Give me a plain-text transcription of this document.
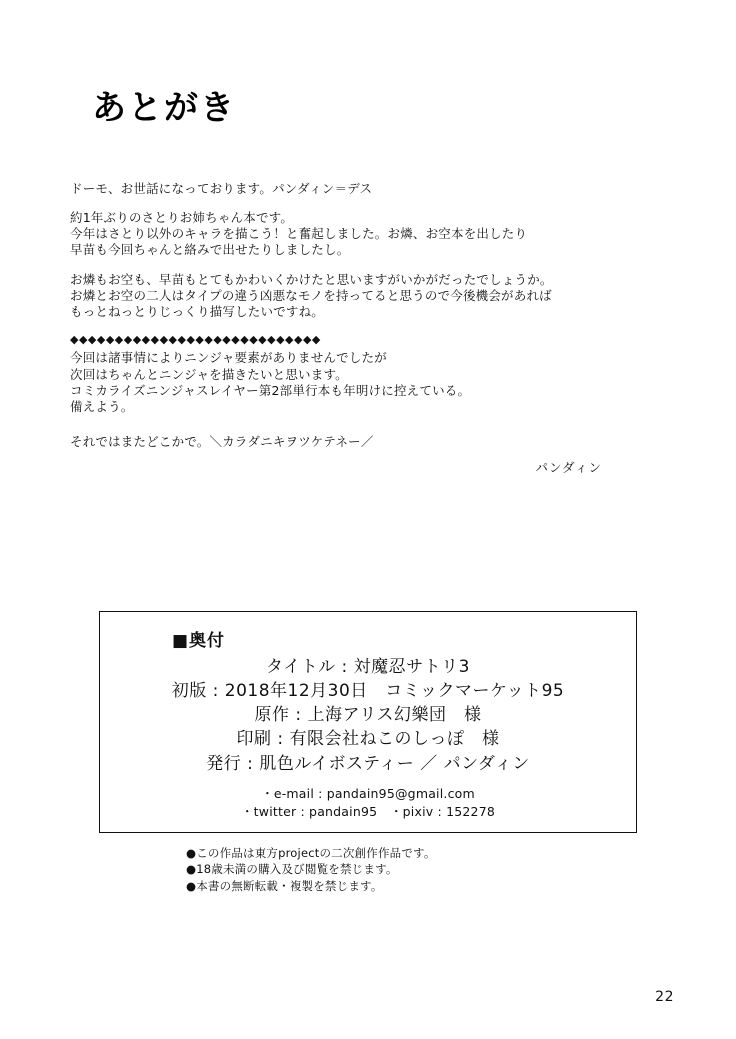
あとがき
ドーモ、お世話になっております。パンダィン＝デス
約1年ぶりのさとりお姉ちゃん本です。
今年はさとり以外のキャラを描こう！と奮起しました。お燐、お空本を出したり
早苗も今回ちゃんと絡みで出せたりしましたし。
お燐もお空も、早苗もとてもかわいくかけたと思いますがいかがだったでしょうか。
お燐とお空の二人はタイプの違う凶悪なモノを持ってると思うので今後機会があれば
もっとねっとりじっくり描写したいですね。
◆◆◆◆◆◆◆◆◆◆◆◆◆◆◆◆◆◆◆◆◆◆◆◆◆◆◆◆
今回は諸事情によりニンジャ要素がありませんでしたが
次回はちゃんとニンジャを描きたいと思います。
コミカライズニンジャスレイヤー第2部単行本も年明けに控えている。
備えよう。
それではまたどこかで。＼カラダニキヲツケテネー／
パンダィン
■奥付
タイトル : 対魔忍サトリ3
初版 : 2018年12月30日　コミックマーケット95
原作 : 上海アリス幻樂団　様
印刷 : 有限会社ねこのしっぽ　様
発行 : 肌色ルイボスティー ／ パンダィン
・e-mail : pandain95@gmail.com
・twitter : pandain95　・pixiv : 152278
●この作品は東方projectの二次創作作品です。
●18歳未満の購入及び閲覧を禁じます。
●本書の無断転載・複製を禁じます。
22
